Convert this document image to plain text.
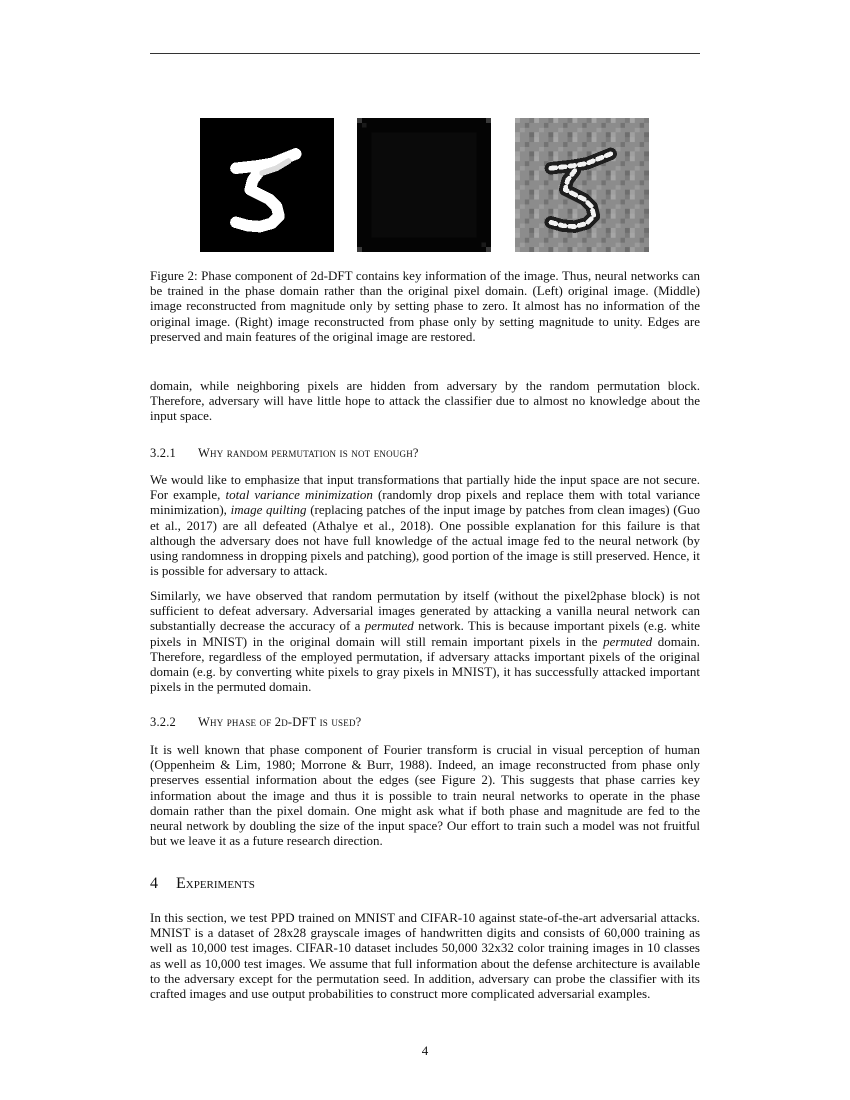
Figure 2: Phase component of 2d-DFT contains key information of the image. Thus, neural networks can be trained in the phase domain rather than the original pixel domain. (Left) original image. (Middle) image reconstructed from magnitude only by setting phase to zero. It almost has no information of the original image. (Right) image reconstructed from phase only by setting magnitude to unity. Edges are preserved and main features of the original image are restored.
domain, while neighboring pixels are hidden from adversary by the random permutation block. Therefore, adversary will have little hope to attack the classifier due to almost no knowledge about the input space.
3.2.1 Why random permutation is not enough?
We would like to emphasize that input transformations that partially hide the input space are not secure. For example, total variance minimization (randomly drop pixels and replace them with total variance minimization), image quilting (replacing patches of the input image by patches from clean images) (Guo et al., 2017) are all defeated (Athalye et al., 2018). One possible explanation for this failure is that although the adversary does not have full knowledge of the actual image fed to the neural network (by using randomness in dropping pixels and patching), good portion of the image is still preserved. Hence, it is possible for adversary to attack.
Similarly, we have observed that random permutation by itself (without the pixel2phase block) is not sufficient to defeat adversary. Adversarial images generated by attacking a vanilla neural network can substantially decrease the accuracy of a permuted network. This is because important pixels (e.g. white pixels in MNIST) in the original domain will still remain important pixels in the permuted domain. Therefore, regardless of the employed permutation, if adversary attacks important pixels of the original domain (e.g. by converting white pixels to gray pixels in MNIST), it has successfully attacked important pixels in the permuted domain.
3.2.2 Why phase of 2d-DFT is used?
It is well known that phase component of Fourier transform is crucial in visual perception of human (Oppenheim & Lim, 1980; Morrone & Burr, 1988). Indeed, an image reconstructed from phase only preserves essential information about the edges (see Figure 2). This suggests that phase carries key information about the image and thus it is possible to train neural networks to operate in the phase domain rather than the pixel domain. One might ask what if both phase and magnitude are fed to the neural network by doubling the size of the input space? Our effort to train such a model was not fruitful but we leave it as a future research direction.
4 Experiments
In this section, we test PPD trained on MNIST and CIFAR-10 against state-of-the-art adversarial attacks. MNIST is a dataset of 28x28 grayscale images of handwritten digits and consists of 60,000 training as well as 10,000 test images. CIFAR-10 dataset includes 50,000 32x32 color training images in 10 classes as well as 10,000 test images. We assume that full information about the defense architecture is available to the adversary except for the permutation seed. In addition, adversary can probe the classifier with its crafted images and use output probabilities to construct more complicated adversarial examples.
4
